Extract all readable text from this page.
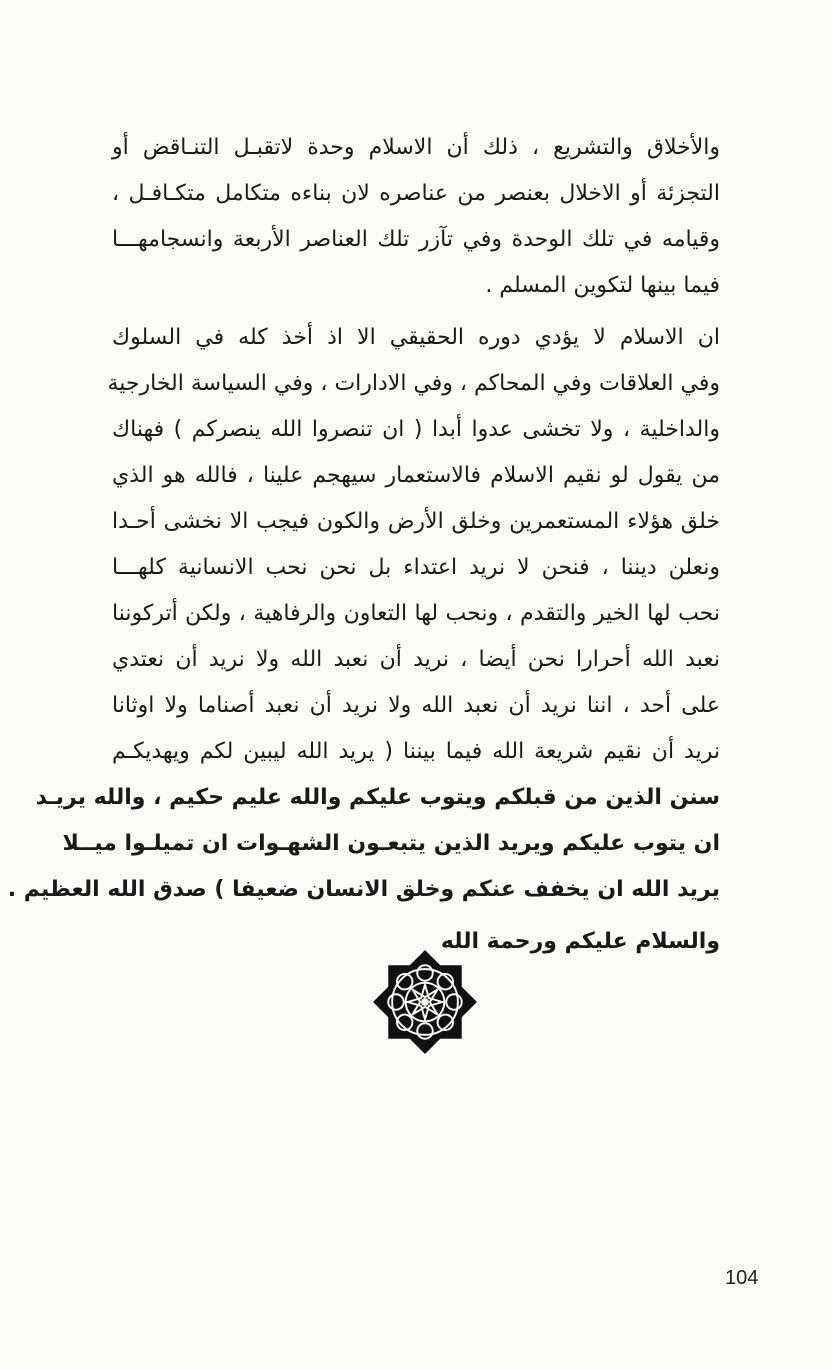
والأخلاق والتشريع ، ذلك أن الاسلام وحدة لاتقبـل التنـاقض أو
التجزئة أو الاخلال بعنصر من عناصره لان بناءه متكامل متكـافـل ،
وقيامه في تلك الوحدة وفي تآزر تلك العناصر الأربعة وانسجامهـــا
فيما بينها لتكوين المسلم .
ان الاسلام لا يؤدي دوره الحقيقي الا اذ أخذ كله في السلوك
وفي العلاقات وفي المحاكم ، وفي الادارات ، وفي السياسة الخارجية
والداخلية ، ولا تخشى عدوا أبدا ( ان تنصروا الله ينصركم ) فهناك
من يقول لو نقيم الاسلام فالاستعمار سيهجم علينا ، فالله هو الذي
خلق هؤلاء المستعمرين وخلق الأرض والكون فيجب الا نخشى أحـدا
ونعلن ديننا ، فنحن لا نريد اعتداء بل نحن نحب الانسانية كلهـــا
نحب لها الخير والتقدم ، ونحب لها التعاون والرفاهية ، ولكن أتركوننا
نعبد الله أحرارا نحن أيضا ، نريد أن نعبد الله ولا نريد أن نعتدي
على أحد ، اننا نريد أن نعبد الله ولا نريد أن نعبد أصناما ولا اوثانا
نريد أن نقيم شريعة الله فيما بيننا ( يريد الله ليبين لكم ويهديكـم
سنن الذين من قبلكم ويتوب عليكم والله عليم حكيم ، والله يريـد
ان يتوب عليكم ويريد الذين يتبعـون الشهـوات ان تميلـوا ميــلا
يريد الله ان يخفف عنكم وخلق الانسان ضعيفا ) صدق الله العظيم .
والسلام عليكم ورحمة الله
104
